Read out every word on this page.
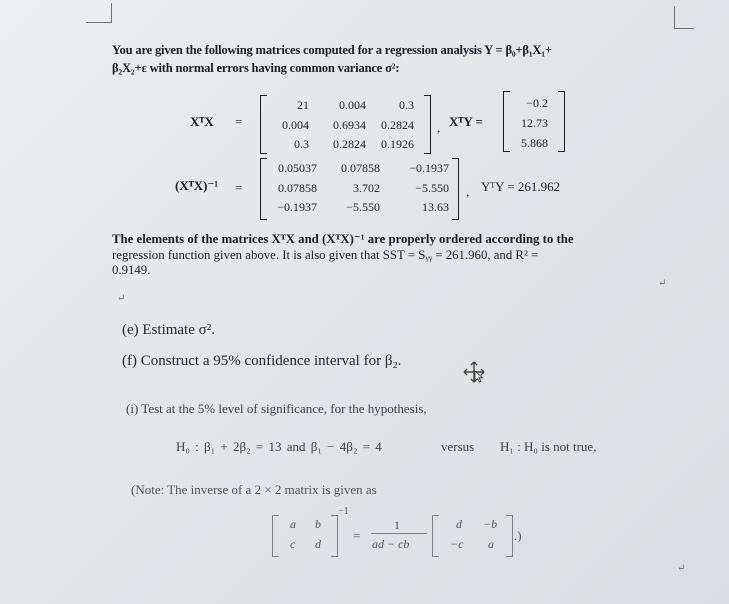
You are given the following matrices computed for a regression analysis Y = β₀+β₁X₁+
β₂X₂+ε with normal errors having common variance σ²:
XᵀX =
21	0.004	0.3
0.004	0.6934	0.2824
0.3	0.2824	0.1926
, XᵀY =
−0.2
12.73
5.868
(XᵀX)⁻¹ =
0.05037	0.07858	−0.1937
0.07858	3.702	−5.550
−0.1937	−5.550	13.63
, YᵀY = 261.962
The elements of the matrices XᵀX and (XᵀX)⁻¹ are properly ordered according to the
regression function given above. It is also given that SST = Sᵧᵧ = 261.960, and R² =
0.9149.
↵
↵
↵
(e) Estimate σ².
(f) Construct a 95% confidence interval for β₂.
(i) Test at the 5% level of significance, for the hypothesis,
H₀ : β₁ + 2β₂ = 13 and β₁ − 4β₂ = 4	versus H₁ : H₀ is not true,
(Note: The inverse of a 2 × 2 matrix is given as
a b
c d
−1
=
1
ad − cb
d −b
−c a
.)
